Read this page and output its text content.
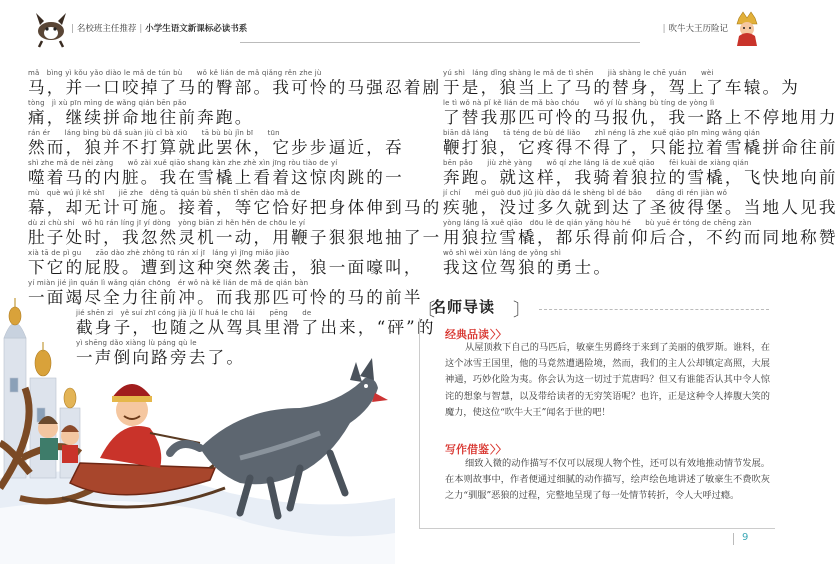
| 名校班主任推荐 | 小学生语文新课标必读书系
mǎ　bìng yì kǒu yǎo diào le mǎ de tún bù　　wǒ kě lián de mǎ qiǎng rěn zhe jù
马，并一口咬掉了马的臀部。我可怜的马强忍着剧
tòng　jì xù pīn mìng de wǎng qián bēn pǎo
痛，继续拼命地往前奔跑。
rán ér　　láng bìng bù dǎ suàn jiù cǐ bà xiū　　tā bù bù jǐn bī　　tūn
然而，狼并不打算就此罢休，它步步逼近，吞
shì zhe mǎ de nèi zàng　　wǒ zài xuě qiāo shang kàn zhe zhè xìn jīng ròu tiào de yí
噬着马的内脏。我在雪橇上看着这惊肉跳的一
mù　què wú jì kě shī　　jiē zhe　děng tā quán bù shēn tǐ shēn dào mǎ de
幕，却无计可施。接着，等它恰好把身体伸到马的
dù zi chù shí　wǒ hū rán líng jī yí dòng　yòng biān zi hěn hěn de chōu le yí
肚子处时，我忽然灵机一动，用鞭子狠狠地抽了一
xià tā de pì gu　　zāo dào zhè zhǒng tū rán xí jī　láng yì jīng miǎo jiào
下它的屁股。遭到这种突然袭击，狼一面嚎叫，
yí miàn jié jìn quán lì wǎng qián chōng　ér wǒ nà kě lián de mǎ de qián bàn
一面竭尽全力往前冲。而我那匹可怜的马的前半
jié shēn zi　yě suí zhī cóng jià jù lǐ huá le chū lái　　pēng　　de
截身子，也随之从驾具里滑了出来，“砰”的
yì shēng dǎo xiàng lù páng qù le
一声倒向路旁去了。
| 吹牛大王历险记
yú shì　láng dǐng shàng le mǎ de tì shēn　　jià shàng le chē yuán　　wèi
于是，狼当上了马的替身，驾上了车辕。为
le tì wǒ nà pǐ kě lián de mǎ bào chóu　　wǒ yí lù shàng bù tíng de yòng lì
了替我那匹可怜的马报仇，我一路上不停地用力
biān dǎ láng　　tā téng de bù dé liǎo　　zhǐ néng lā zhe xuě qiāo pīn mìng wǎng qián
鞭打狼，它疼得不得了，只能拉着雪橇拼命往前
bēn pǎo　　jiù zhè yàng　　wǒ qí zhe láng lā de xuě qiāo　　fēi kuài de xiàng qián
奔跑。就这样，我骑着狼拉的雪橇，飞快地向前
jí chí　　méi guò duō jiǔ jiù dào dá le shèng bǐ dé bǎo　　dāng dì rén jiàn wǒ
疾驰，没过多久就到达了圣彼得堡。当地人见我
yòng láng lā xuě qiāo　dōu lè de qián yǎng hòu hé　　bù yuē ér tóng de chēng zàn
用狼拉雪橇，都乐得前仰后合，不约而同地称赞
wǒ shì wèi xùn láng de yǒng shì
我这位驾狼的勇士。
〔
名师导读 〕
经典品读〉〉
从屋顶救下自己的马匹后，敏豪生男爵终于来到了美丽的俄罗斯。谁料，在这个冰雪王国里，他的马竟然遭遇险境，然而，我们的主人公却镇定高照，大展神通，巧妙化险为夷。你会认为这一切过于荒唐吗？但又有谁能否认其中令人惊诧的想象与智慧，以及带给读者的无穷笑语呢？也许，正是这种令人捧腹大笑的魔力，使这位“吹牛大王”闻名于世的吧！
写作借鉴〉〉
细致入微的动作描写不仅可以展现人物个性，还可以有效地推动情节发展。在本则故事中，作者便通过细腻的动作描写，绘声绘色地讲述了敏豪生不费吹灰之力“驯服”恶狼的过程，完整地呈现了每一处情节转折，令人大呼过瘾。
9
